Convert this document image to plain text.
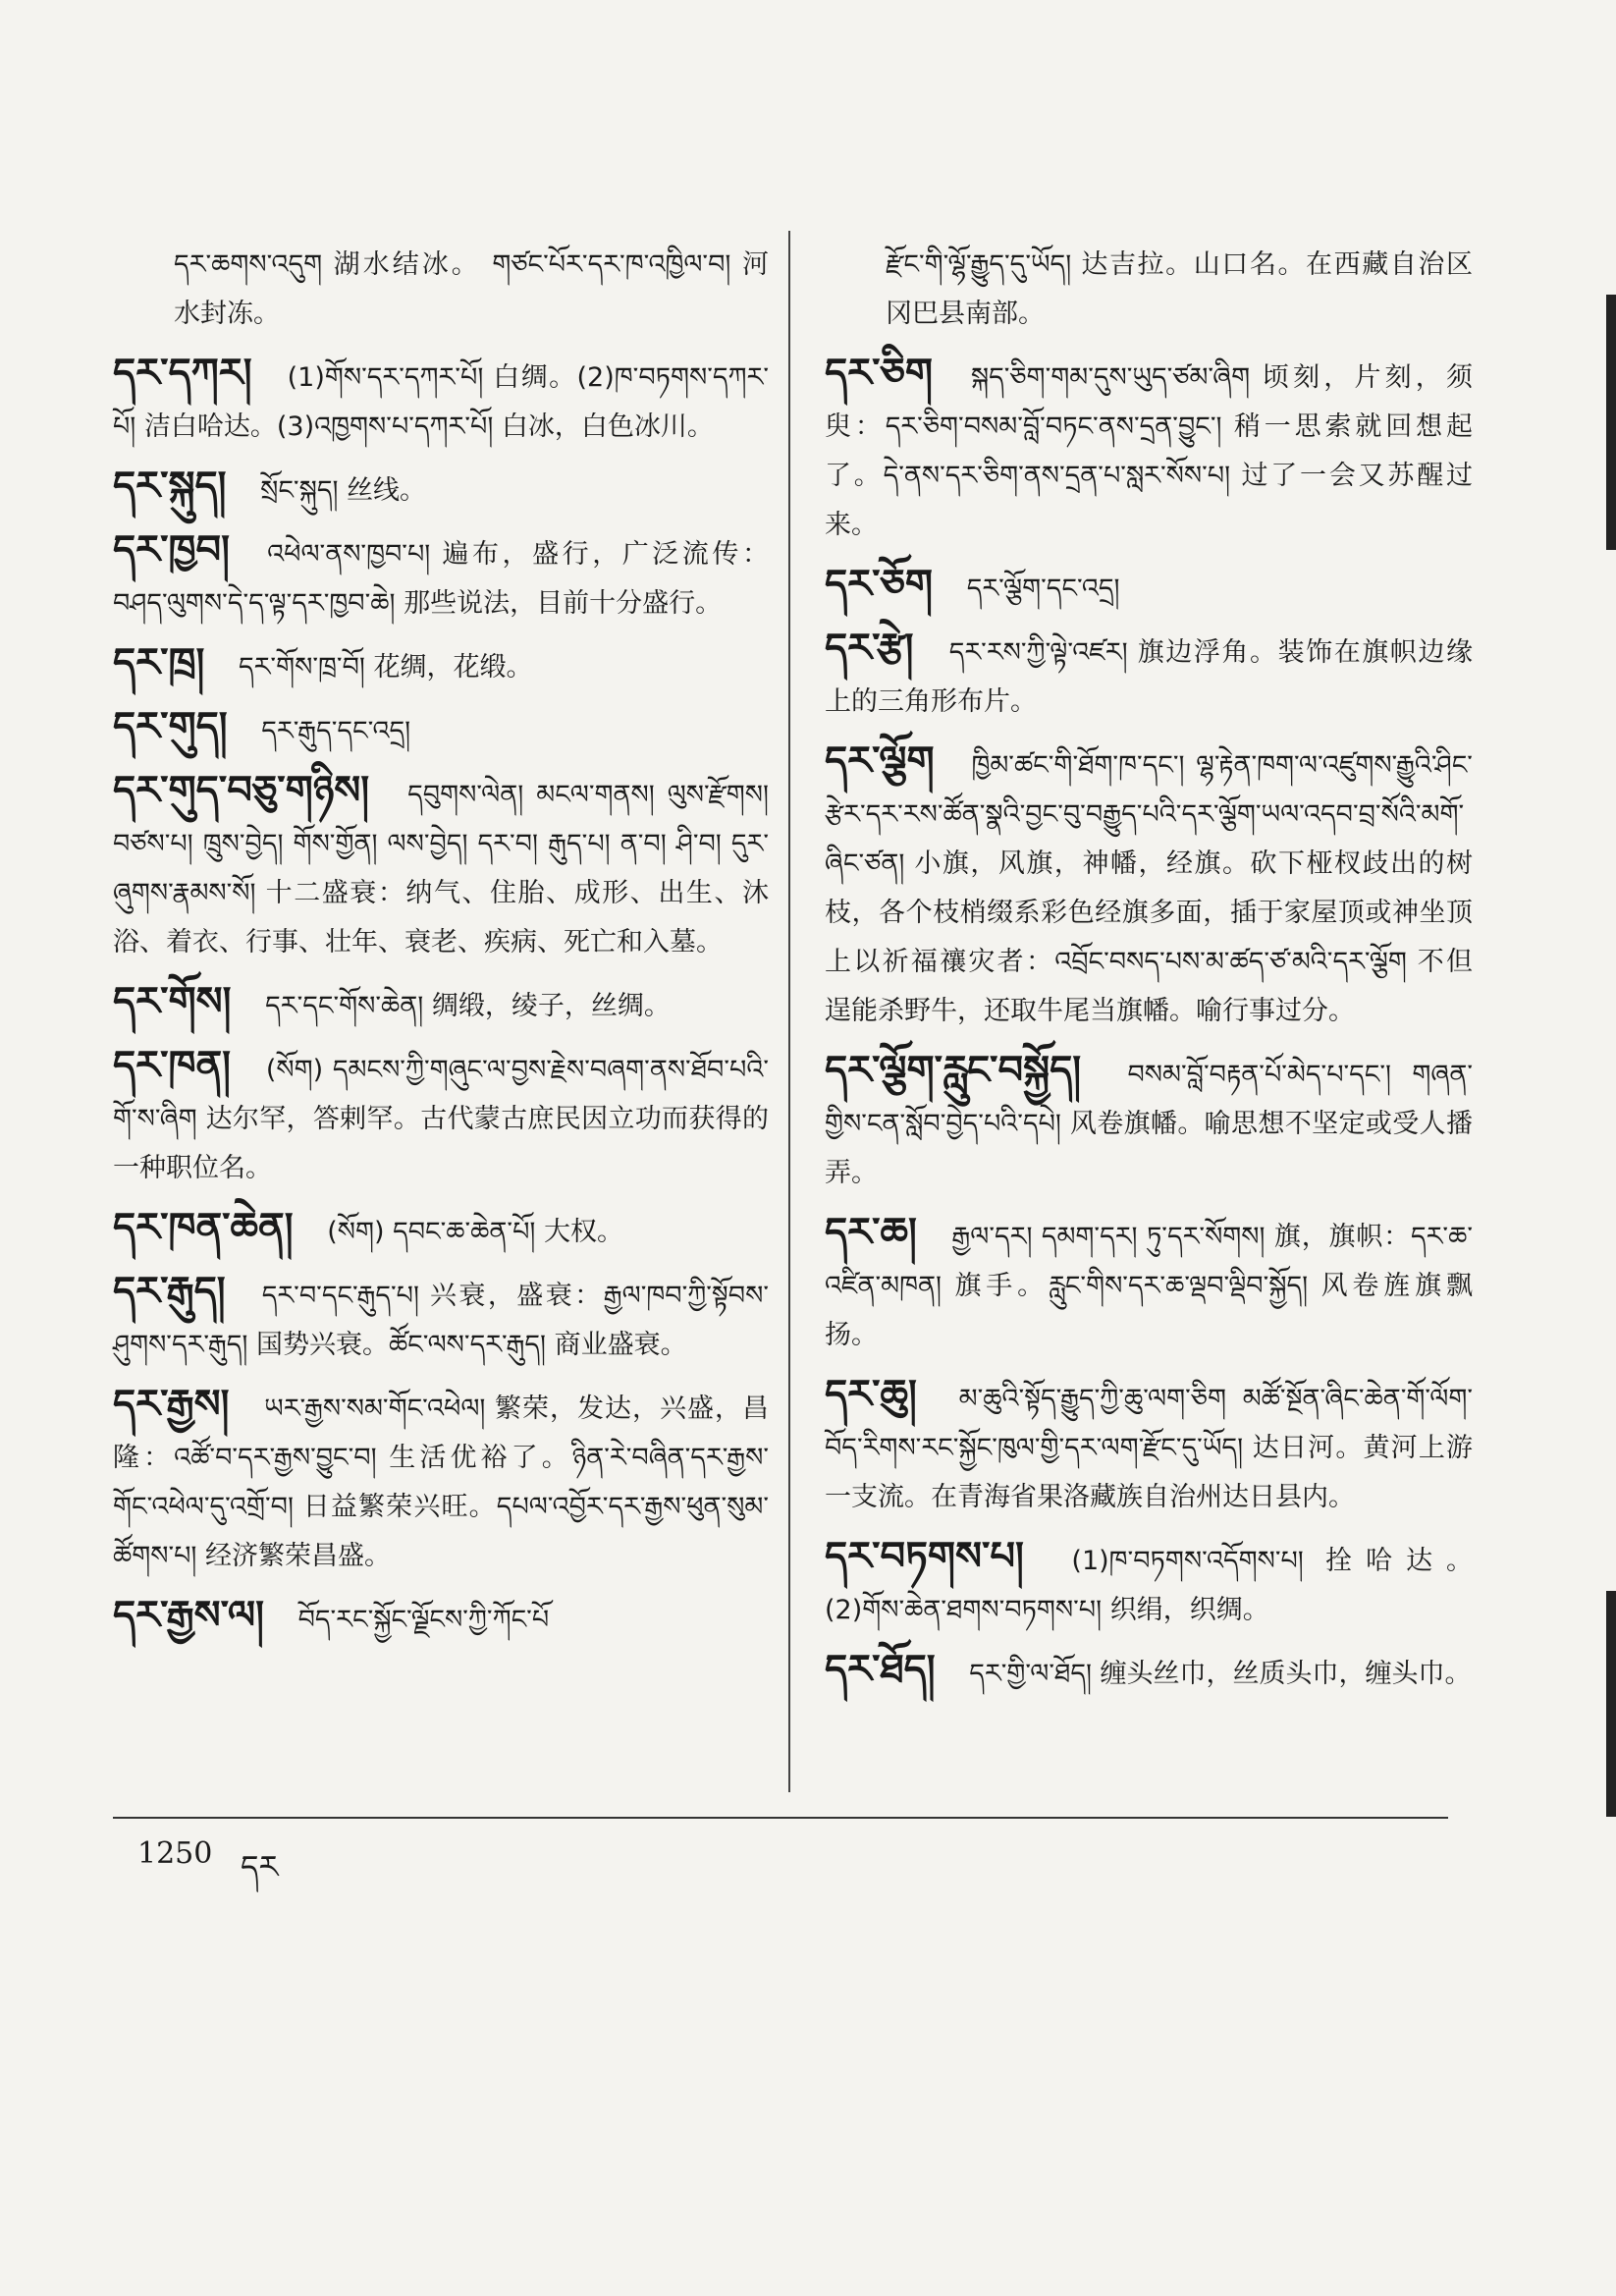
དར་ཆགས་འདུག 湖水结冰。 གཙང་པོར་དར་ཁ་འཁྱིལ་བ། 河水封冻。
དར་དཀར། (1)གོས་དར་དཀར་པོ། 白绸。(2)ཁ་བཏགས་དཀར་པོ། 洁白哈达。(3)འཁྱགས་པ་དཀར་པོ། 白冰，白色冰川。
དར་སྐུད། སྲོང་སྐུད། 丝线。
དར་ཁྱབ། འཕེལ་ནས་ཁྱབ་པ། 遍布，盛行，广泛流传：བཤད་ལུགས་དེ་ད་ལྟ་དར་ཁྱབ་ཆེ། 那些说法，目前十分盛行。
དར་ཁྲ། དར་གོས་ཁྲ་བོ། 花绸，花缎。
དར་གུད། དར་རྒུད་དང་འདྲ།
དར་གུད་བཅུ་གཉིས། དབུགས་ལེན། མངལ་གནས། ལུས་རྫོགས། བཙས་པ། ཁྲུས་བྱེད། གོས་གྱོན། ལས་བྱེད། དར་བ། རྒུད་པ། ན་བ། ཤི་བ། དུར་ཞུགས་རྣམས་སོ། 十二盛衰：纳气、住胎、成形、出生、沐浴、着衣、行事、壮年、衰老、疾病、死亡和入墓。
དར་གོས། དར་དང་གོས་ཆེན། 绸缎，绫子，丝绸。
དར་ཁན། (སོག) དམངས་ཀྱི་གཞུང་ལ་བྱས་རྗེས་བཞག་ནས་ཐོབ་པའི་གོ་ས་ཞིག 达尔罕，答剌罕。古代蒙古庶民因立功而获得的一种职位名。
དར་ཁན་ཆེན། (སོག) དབང་ཆ་ཆེན་པོ། 大权。
དར་རྒུད། དར་བ་དང་རྒུད་པ། 兴衰，盛衰：རྒྱལ་ཁབ་ཀྱི་སྟོབས་ཤུགས་དར་རྒུད། 国势兴衰。ཚོང་ལས་དར་རྒུད། 商业盛衰。
དར་རྒྱས། ཡར་རྒྱས་སམ་གོང་འཕེལ། 繁荣，发达，兴盛，昌隆：འཚོ་བ་དར་རྒྱས་བྱུང་བ། 生活优裕了。ཉིན་རེ་བཞིན་དར་རྒྱས་གོང་འཕེལ་དུ་འགྲོ་བ། 日益繁荣兴旺。དཔལ་འབྱོར་དར་རྒྱས་ཕུན་སུམ་ཚོགས་པ། 经济繁荣昌盛。
དར་རྒྱས་ལ། བོད་རང་སྐྱོང་ལྗོངས་ཀྱི་ཀོང་པོ
རྫོང་གི་ལྷོ་རྒྱུད་དུ་ཡོད། 达吉拉。山口名。在西藏自治区冈巴县南部。
དར་ཅིག སྐད་ཅིག་གམ་དུས་ཡུད་ཙམ་ཞིག 顷刻，片刻，须臾：དར་ཅིག་བསམ་བློ་བཏང་ནས་དྲན་བྱུང་། 稍一思索就回想起了。དེ་ནས་དར་ཅིག་ནས་དྲན་པ་སླར་སོས་པ། 过了一会又苏醒过来。
དར་ཅོག དར་ལྕོག་དང་འདྲ།
དར་རྩེ། དར་རས་ཀྱི་ལྟེ་འཛར། 旗边浮角。装饰在旗帜边缘上的三角形布片。
དར་ལྕོག ཁྱིམ་ཚང་གི་ཐོག་ཁ་དང་། ལྷ་རྟེན་ཁག་ལ་འཛུགས་རྒྱུའི་ཤིང་རྩེར་དར་རས་ཚོན་སྣའི་བྱང་བུ་བརྒྱུད་པའི་དར་ལྕོག་ཡལ་འདབ་བྲ་སོའི་མགོ་ཞིང་ཙན། 小旗，风旗，神幡，经旗。砍下桠杈歧出的树枝，各个枝梢缀系彩色经旗多面，插于家屋顶或神坐顶上以祈福禳灾者：འབྲོང་བསད་པས་མ་ཚད་ཙ་མའི་དར་ལྕོག 不但逞能杀野牛，还取牛尾当旗幡。喻行事过分。
དར་ལྕོག་རླུང་བསྐྱོད། བསམ་བློ་བརྟན་པོ་མེད་པ་དང་། གཞན་གྱིས་ངན་སློབ་བྱེད་པའི་དཔེ། 风卷旗幡。喻思想不坚定或受人播弄。
དར་ཆ། རྒྱལ་དར། དམག་དར། ཏུ་དར་སོགས། 旗，旗帜：དར་ཆ་འཛིན་མཁན། 旗手。རླུང་གིས་དར་ཆ་ལྡབ་ལྡིབ་སྐྱོད། 风卷旌旗飘扬。
དར་ཆུ། མ་ཆུའི་སྟོད་རྒྱུད་ཀྱི་ཆུ་ལག་ཅིག མཚོ་སྔོན་ཞིང་ཆེན་གོ་ལོག་བོད་རིགས་རང་སྐྱོང་ཁུལ་གྱི་དར་ལག་རྫོང་དུ་ཡོད། 达日河。黄河上游一支流。在青海省果洛藏族自治州达日县内。
དར་བཏགས་པ། (1)ཁ་བཏགས་འདོགས་པ། 拴哈达。(2)གོས་ཆེན་ཐགས་བཏགས་པ། 织绢，织绸。
དར་ཐོད། དར་གྱི་ལ་ཐོད། 缠头丝巾，丝质头巾，缠头巾。
1250 དར
